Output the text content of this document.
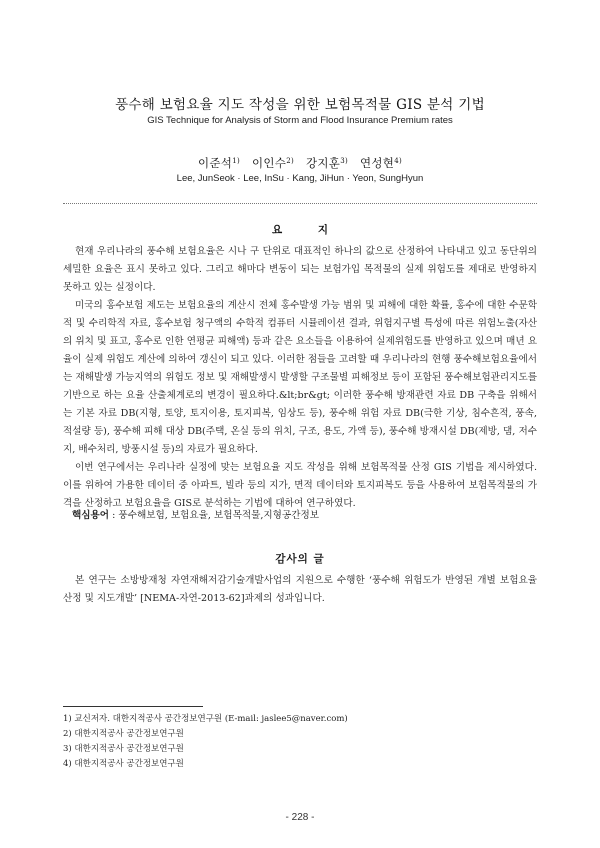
풍수해 보험요율 지도 작성을 위한 보험목적물 GIS 분석 기법
GIS Technique for Analysis of Storm and Flood Insurance Premium rates
이준석$^{1)}$ 이인수$^{2)}$ 강지훈$^{3)}$ 연성현$^{4)}$
Lee, JunSeok · Lee, InSu · Kang, JiHun · Yeon, SungHyun
요 지

현재 우리나라의 풍수해 보험요율은 시나 구 단위로 대표적인 하나의 값으로 산정하여 나타내고 있고 동단위의 세밀한 요율은 표시 못하고 있다. 그리고 해마다 변동이 되는 보험가입 목적물의 실제 위험도를 제대로 반영하지 못하고 있는 실정이다.

미국의 홍수보험 제도는 보험요율의 계산시 전체 홍수발생 가능 범위 및 피해에 대한 확률, 홍수에 대한 수문학적 및 수리학적 자료, 홍수보험 청구액의 수학적 컴퓨터 시뮬레이션 결과, 위험지구별 특성에 따른 위험노출(자산의 위치 및 표고, 홍수로 인한 연평균 피해액) 등과 같은 요소들을 이용하여 실제위험도를 반영하고 있으며 매년 요율이 실제 위험도 계산에 의하여 갱신이 되고 있다. 이러한 점들을 고려할 때 우리나라의 현행 풍수해보험요율에서는 재해발생 가능지역의 위험도 정보 및 재해발생시 발생할 구조물별 피해정보 등이 포함된 풍수해보험관리지도를 기반으로 하는 요율 산출체계로의 변경이 필요하다.&lt;br&gt; 이러한 풍수해 방재관련 자료 DB 구축을 위해서는 기본 자료 DB(지형, 토양, 토지이용, 토지피복, 임상도 등), 풍수해 위험 자료 DB(극한 기상, 침수흔적, 풍속, 적설량 등), 풍수해 피해 대상 DB(주택, 온실 등의 위치, 구조, 용도, 가액 등), 풍수해 방재시설 DB(제방, 댐, 저수지, 배수처리, 방풍시설 등)의 자료가 필요하다.

이번 연구에서는 우리나라 실정에 맞는 보험요율 지도 작성을 위해 보험목적물 산정 GIS 기법을 제시하였다. 이를 위하여 가용한 데이터 중 아파트, 빌라 등의 지가, 면적 데이터와 토지피복도 등을 사용하여 보험목적물의 가격을 산정하고 보험요율을 GIS로 분석하는 기법에 대하여 연구하였다.

핵심용어 : 풍수해보험, 보험요율, 보험목적물,지형공간정보
감사의 글

본 연구는 소방방재청 자연재해저감기술개발사업의 지원으로 수행한 ‘풍수해 위험도가 반영된 개별 보험요율 산정 및 지도개발’ [NEMA-자연-2013-62]과제의 성과입니다.

1) 교신저자. 대한지적공사 공간정보연구원 (E-mail: jaslee5@naver.com)
2) 대한지적공사 공간정보연구원
3) 대한지적공사 공간정보연구원
4) 대한지적공사 공간정보연구원
- 228 -
